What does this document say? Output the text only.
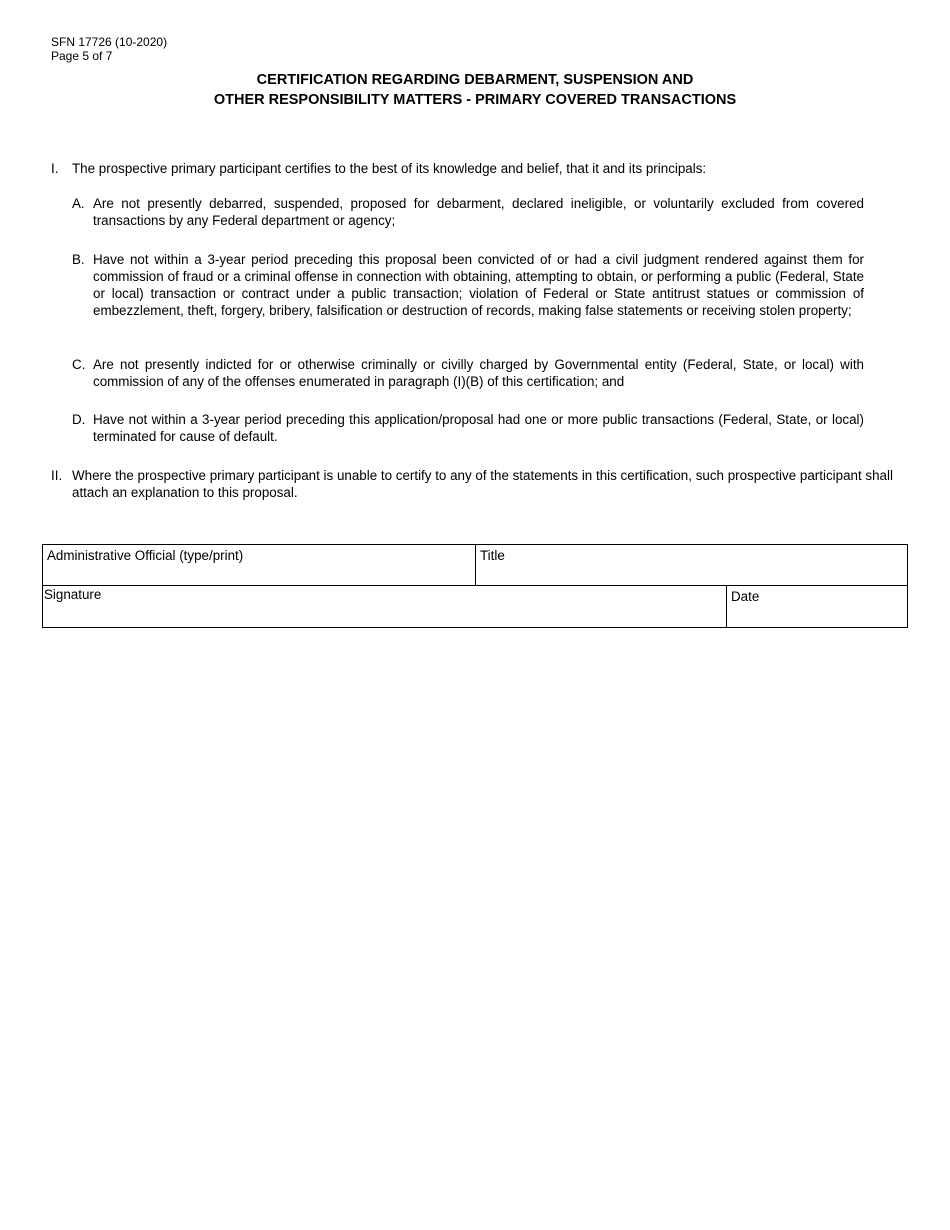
SFN 17726 (10-2020)
Page 5 of 7
CERTIFICATION REGARDING DEBARMENT, SUSPENSION AND
OTHER RESPONSIBILITY MATTERS - PRIMARY COVERED TRANSACTIONS
I.	The prospective primary participant certifies to the best of its knowledge and belief, that it and its principals:
A. Are not presently debarred, suspended, proposed for debarment, declared ineligible, or voluntarily excluded from covered transactions by any Federal department or agency;
B. Have not within a 3-year period preceding this proposal been convicted of or had a civil judgment rendered against them for commission of fraud or a criminal offense in connection with obtaining, attempting to obtain, or performing a public (Federal, State or local) transaction or contract under a public transaction; violation of Federal or State antitrust statues or commission of embezzlement, theft, forgery, bribery, falsification or destruction of records, making false statements or receiving stolen property;
C. Are not presently indicted for or otherwise criminally or civilly charged by Governmental entity (Federal, State, or local) with commission of any of the offenses enumerated in paragraph (I)(B) of this certification; and
D. Have not within a 3-year period preceding this application/proposal had one or more public transactions (Federal, State, or local) terminated for cause of default.
II. Where the prospective primary participant is unable to certify to any of the statements in this certification, such prospective participant shall attach an explanation to this proposal.
Administrative Official (type/print)	Title
Signature	Date
